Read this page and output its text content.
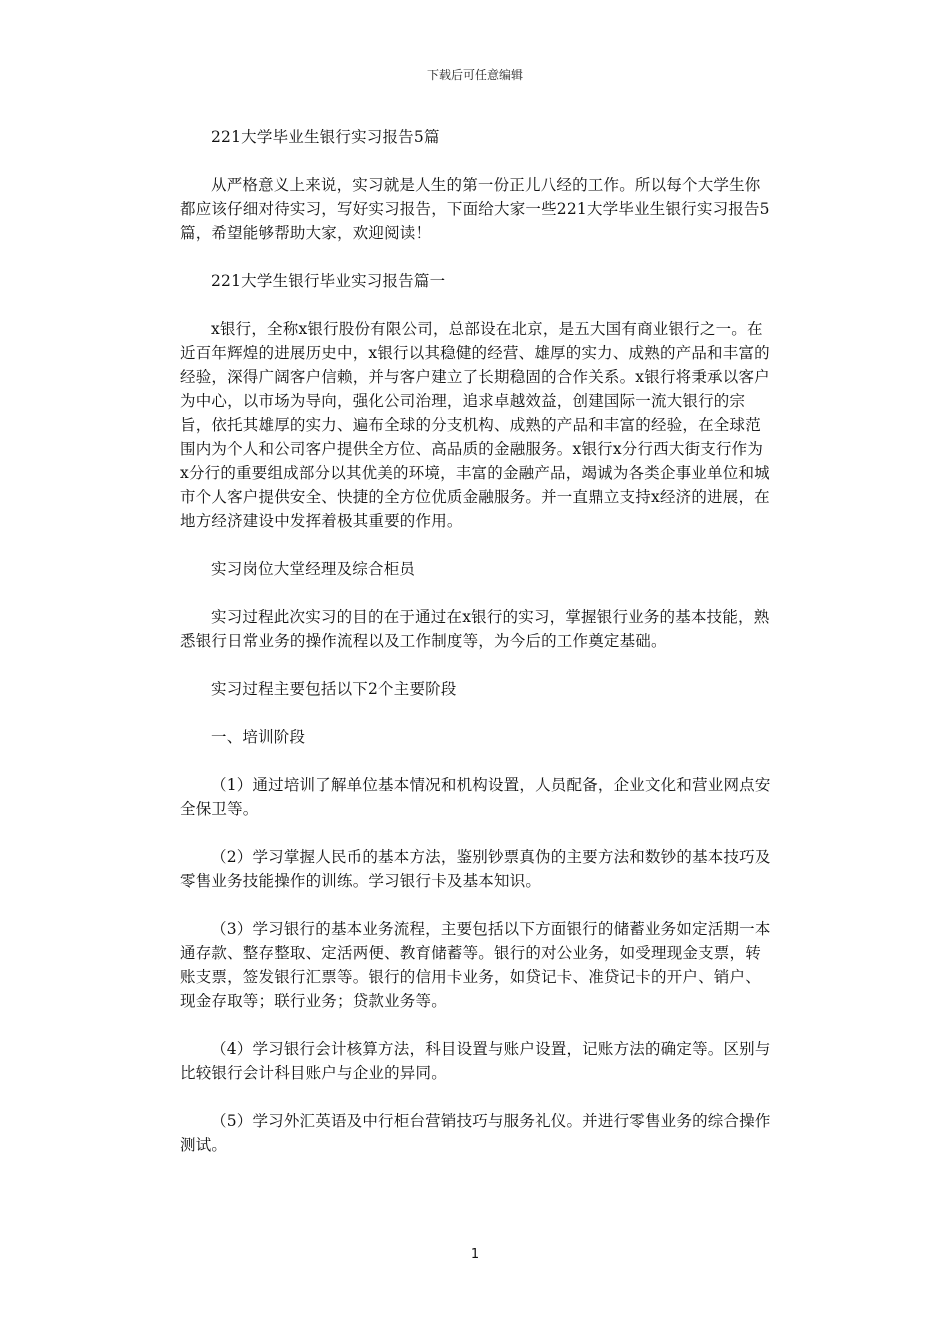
下载后可任意编辑

221大学毕业生银行实习报告5篇

从严格意义上来说，实习就是人生的第一份正儿八经的工作。所以每个大学生你都应该仔细对待实习，写好实习报告，下面给大家一些221大学毕业生银行实习报告5篇，希望能够帮助大家，欢迎阅读！

221大学生银行毕业实习报告篇一

x银行，全称x银行股份有限公司，总部设在北京，是五大国有商业银行之一。在近百年辉煌的进展历史中，x银行以其稳健的经营、雄厚的实力、成熟的产品和丰富的经验，深得广阔客户信赖，并与客户建立了长期稳固的合作关系。x银行将秉承以客户为中心，以市场为导向，强化公司治理，追求卓越效益，创建国际一流大银行的宗旨，依托其雄厚的实力、遍布全球的分支机构、成熟的产品和丰富的经验，在全球范围内为个人和公司客户提供全方位、高品质的金融服务。x银行x分行西大街支行作为x分行的重要组成部分以其优美的环境，丰富的金融产品，竭诚为各类企事业单位和城市个人客户提供安全、快捷的全方位优质金融服务。并一直鼎立支持x经济的进展，在地方经济建设中发挥着极其重要的作用。

实习岗位大堂经理及综合柜员

实习过程此次实习的目的在于通过在x银行的实习，掌握银行业务的基本技能，熟悉银行日常业务的操作流程以及工作制度等，为今后的工作奠定基础。

实习过程主要包括以下2个主要阶段

一、培训阶段

（1）通过培训了解单位基本情况和机构设置，人员配备，企业文化和营业网点安全保卫等。

（2）学习掌握人民币的基本方法，鉴别钞票真伪的主要方法和数钞的基本技巧及零售业务技能操作的训练。学习银行卡及基本知识。

（3）学习银行的基本业务流程，主要包括以下方面银行的储蓄业务如定活期一本通存款、整存整取、定活两便、教育储蓄等。银行的对公业务，如受理现金支票，转账支票，签发银行汇票等。银行的信用卡业务，如贷记卡、准贷记卡的开户、销户、现金存取等；联行业务；贷款业务等。

（4）学习银行会计核算方法，科目设置与账户设置，记账方法的确定等。区别与比较银行会计科目账户与企业的异同。

（5）学习外汇英语及中行柜台营销技巧与服务礼仪。并进行零售业务的综合操作测试。

1
